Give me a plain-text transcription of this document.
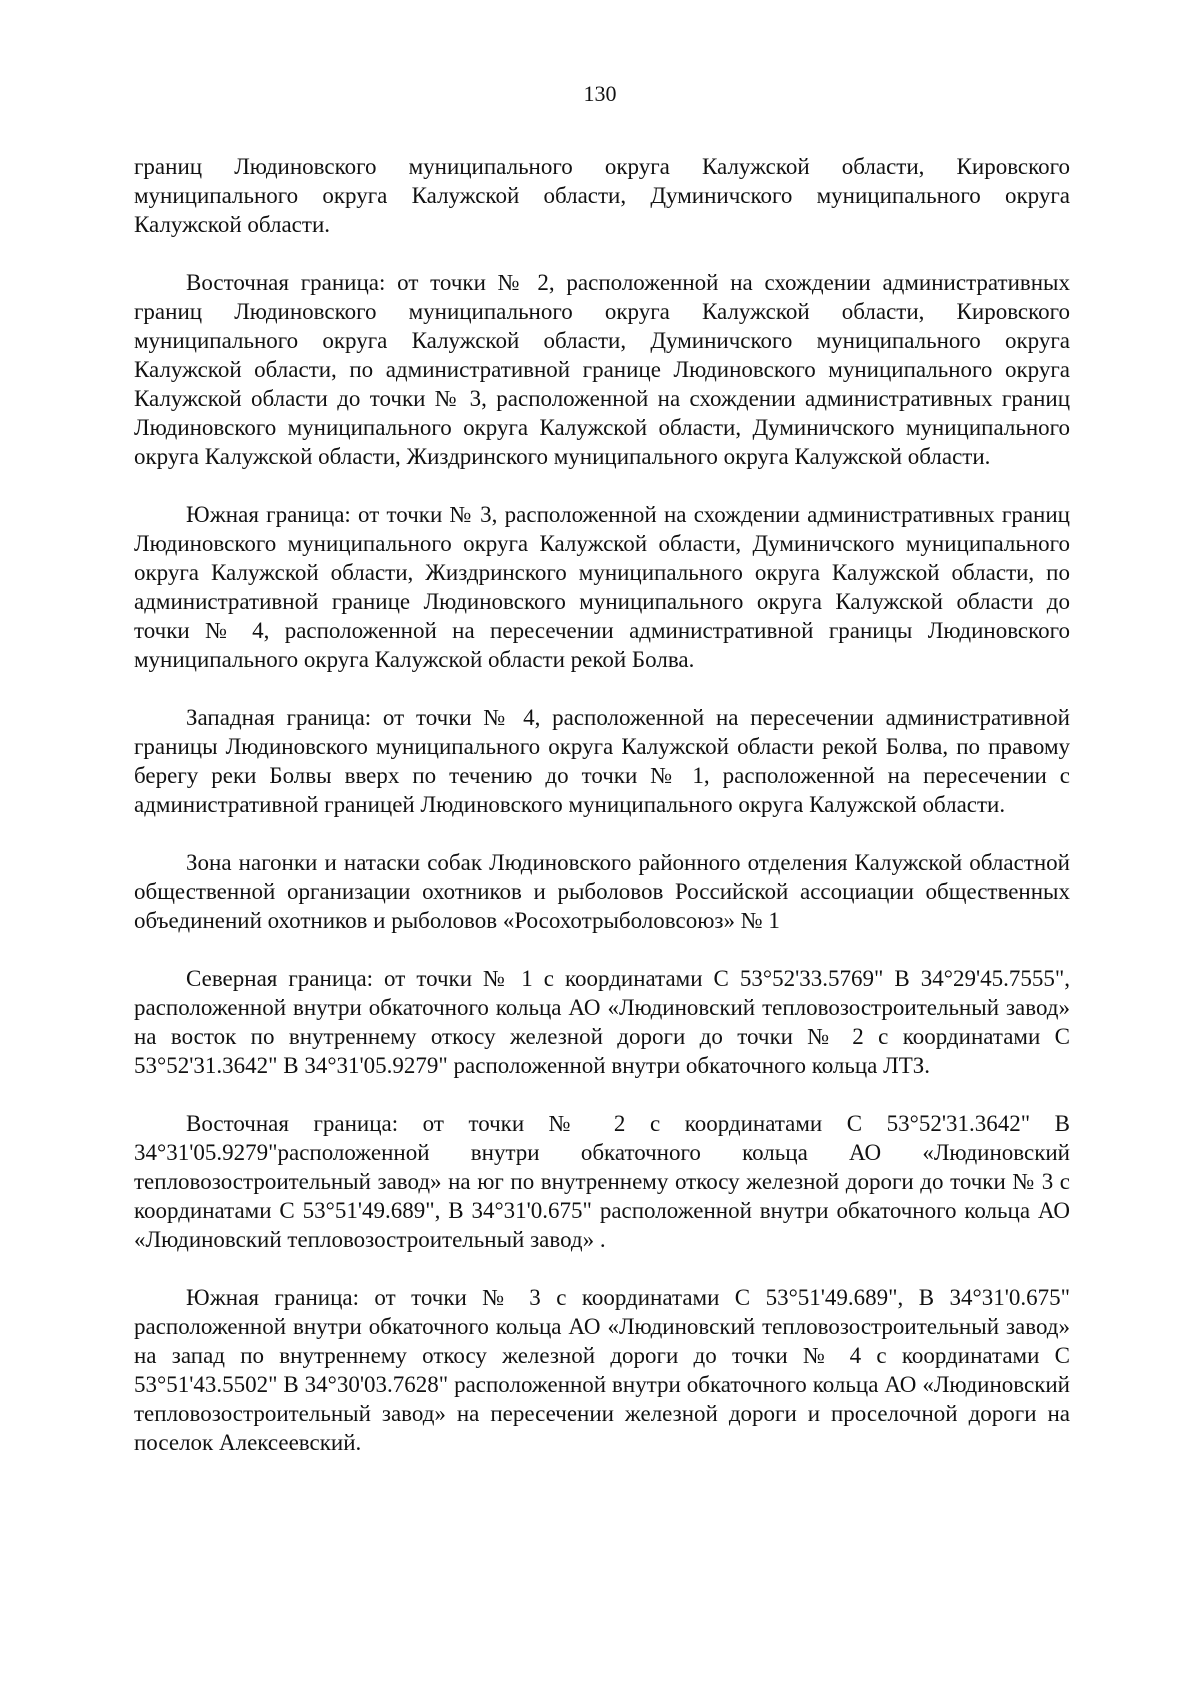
130

границ Людиновского муниципального округа Калужской области, Кировского муниципального округа Калужской области, Думиничского муниципального округа Калужской области.

Восточная граница: от точки № 2, расположенной на схождении административных границ Людиновского муниципального округа Калужской области, Кировского муниципального округа Калужской области, Думиничского муниципального округа Калужской области, по административной границе Людиновского муниципального округа Калужской области до точки № 3, расположенной на схождении административных границ Людиновского муниципального округа Калужской области, Думиничского муниципального округа Калужской области, Жиздринского муниципального округа Калужской области.

Южная граница: от точки № 3, расположенной на схождении административных границ Людиновского муниципального округа Калужской области, Думиничского муниципального округа Калужской области, Жиздринского муниципального округа Калужской области, по административной границе Людиновского муниципального округа Калужской области до точки № 4, расположенной на пересечении административной границы Людиновского муниципального округа Калужской области рекой Болва.

Западная граница: от точки № 4, расположенной на пересечении административной границы Людиновского муниципального округа Калужской области рекой Болва, по правому берегу реки Болвы вверх по течению до точки № 1, расположенной на пересечении с административной границей Людиновского муниципального округа Калужской области.

Зона нагонки и натаски собак Людиновского районного отделения Калужской областной общественной организации охотников и рыболовов Российской ассоциации общественных объединений охотников и рыболовов «Росохотрыболовсоюз» № 1

Северная граница: от точки № 1 с координатами С 53°52'33.5769" В 34°29'45.7555", расположенной внутри обкаточного кольца АО «Людиновский тепловозостроительный завод» на восток по внутреннему откосу железной дороги до точки № 2 с координатами С 53°52'31.3642" В 34°31'05.9279" расположенной внутри обкаточного кольца ЛТЗ.

Восточная граница: от точки № 2 с координатами С 53°52'31.3642" В 34°31'05.9279"расположенной внутри обкаточного кольца АО «Людиновский тепловозостроительный завод» на юг по внутреннему откосу железной дороги до точки № 3 с координатами С 53°51'49.689", В 34°31'0.675" расположенной внутри обкаточного кольца АО «Людиновский тепловозостроительный завод» .

Южная граница: от точки № 3 с координатами С 53°51'49.689", В 34°31'0.675" расположенной внутри обкаточного кольца АО «Людиновский тепловозостроительный завод» на запад по внутреннему откосу железной дороги до точки № 4 с координатами С 53°51'43.5502" В 34°30'03.7628" расположенной внутри обкаточного кольца АО «Людиновский тепловозостроительный завод» на пересечении железной дороги и проселочной дороги на поселок Алексеевский.
